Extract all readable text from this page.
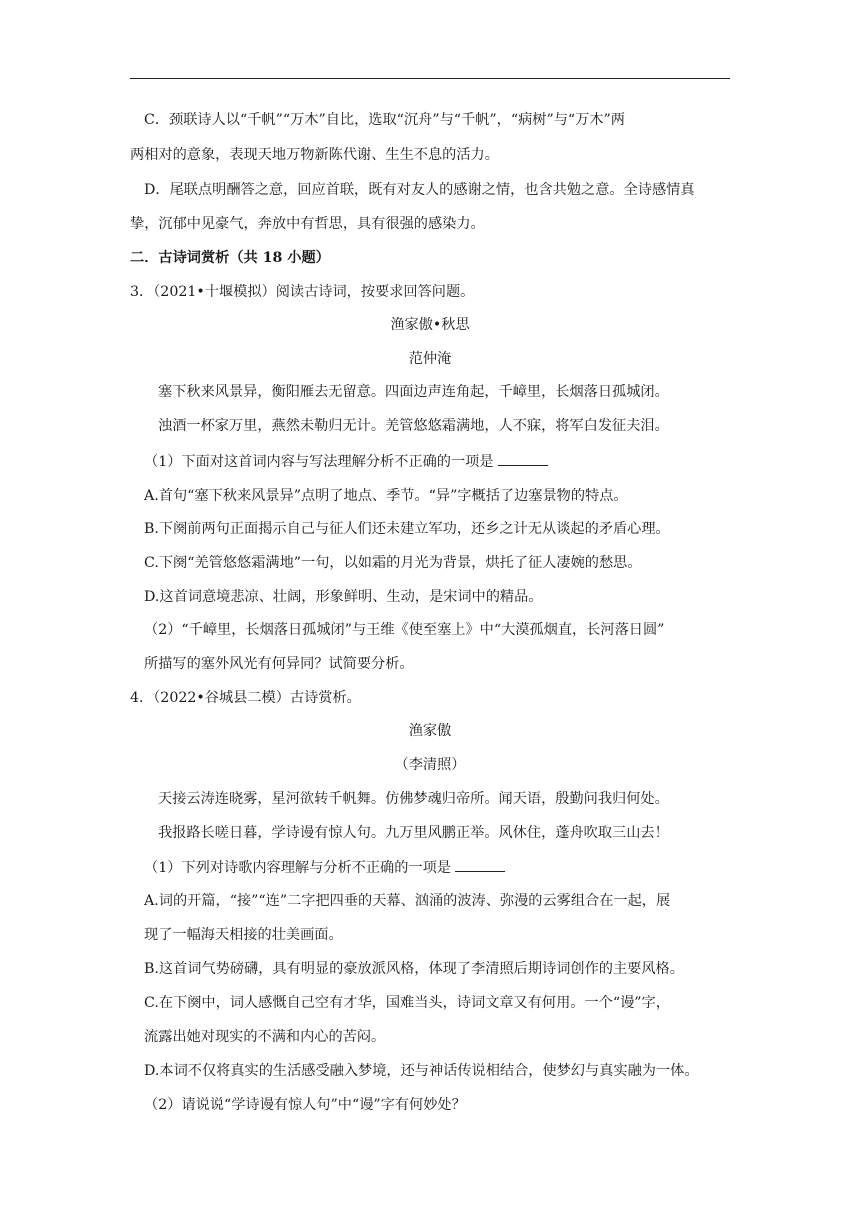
C．颈联诗人以“千帆”“万木”自比，选取“沉舟”与“千帆”，“病树”与“万木”两
两相对的意象，表现天地万物新陈代谢、生生不息的活力。
D．尾联点明酬答之意，回应首联，既有对友人的感谢之情，也含共勉之意。全诗感情真
挚，沉郁中见豪气，奔放中有哲思，具有很强的感染力。
二．古诗词赏析（共 18 小题）
3．（2021•十堰模拟）阅读古诗词，按要求回答问题。
渔家傲•秋思
范仲淹
塞下秋来风景异，衡阳雁去无留意。四面边声连角起，千嶂里，长烟落日孤城闭。
浊酒一杯家万里，燕然未勒归无计。羌管悠悠霜满地，人不寐，将军白发征夫泪。
（1）下面对这首词内容与写法理解分析不正确的一项是
A.首句“塞下秋来风景异”点明了地点、季节。“异”字概括了边塞景物的特点。
B.下阕前两句正面揭示自己与征人们还未建立军功，还乡之计无从谈起的矛盾心理。
C.下阕“羌管悠悠霜满地”一句，以如霜的月光为背景，烘托了征人凄婉的愁思。
D.这首词意境悲凉、壮阔，形象鲜明、生动，是宋词中的精品。
（2）“千嶂里，长烟落日孤城闭”与王维《使至塞上》中“大漠孤烟直，长河落日圆”
所描写的塞外风光有何异同？试简要分析。
4．（2022•谷城县二模）古诗赏析。
渔家傲
（李清照）
天接云涛连晓雾，星河欲转千帆舞。仿佛梦魂归帝所。闻天语，殷勤问我归何处。
我报路长嗟日暮，学诗谩有惊人句。九万里风鹏正举。风休住，蓬舟吹取三山去！
（1）下列对诗歌内容理解与分析不正确的一项是
A.词的开篇，“接”“连”二字把四垂的天幕、汹涌的波涛、弥漫的云雾组合在一起，展
现了一幅海天相接的壮美画面。
B.这首词气势磅礴，具有明显的豪放派风格，体现了李清照后期诗词创作的主要风格。
C.在下阕中，词人感慨自己空有才华，国难当头，诗词文章又有何用。一个“谩”字，
流露出她对现实的不满和内心的苦闷。
D.本词不仅将真实的生活感受融入梦境，还与神话传说相结合，使梦幻与真实融为一体。
（2）请说说“学诗谩有惊人句”中“谩”字有何妙处？
